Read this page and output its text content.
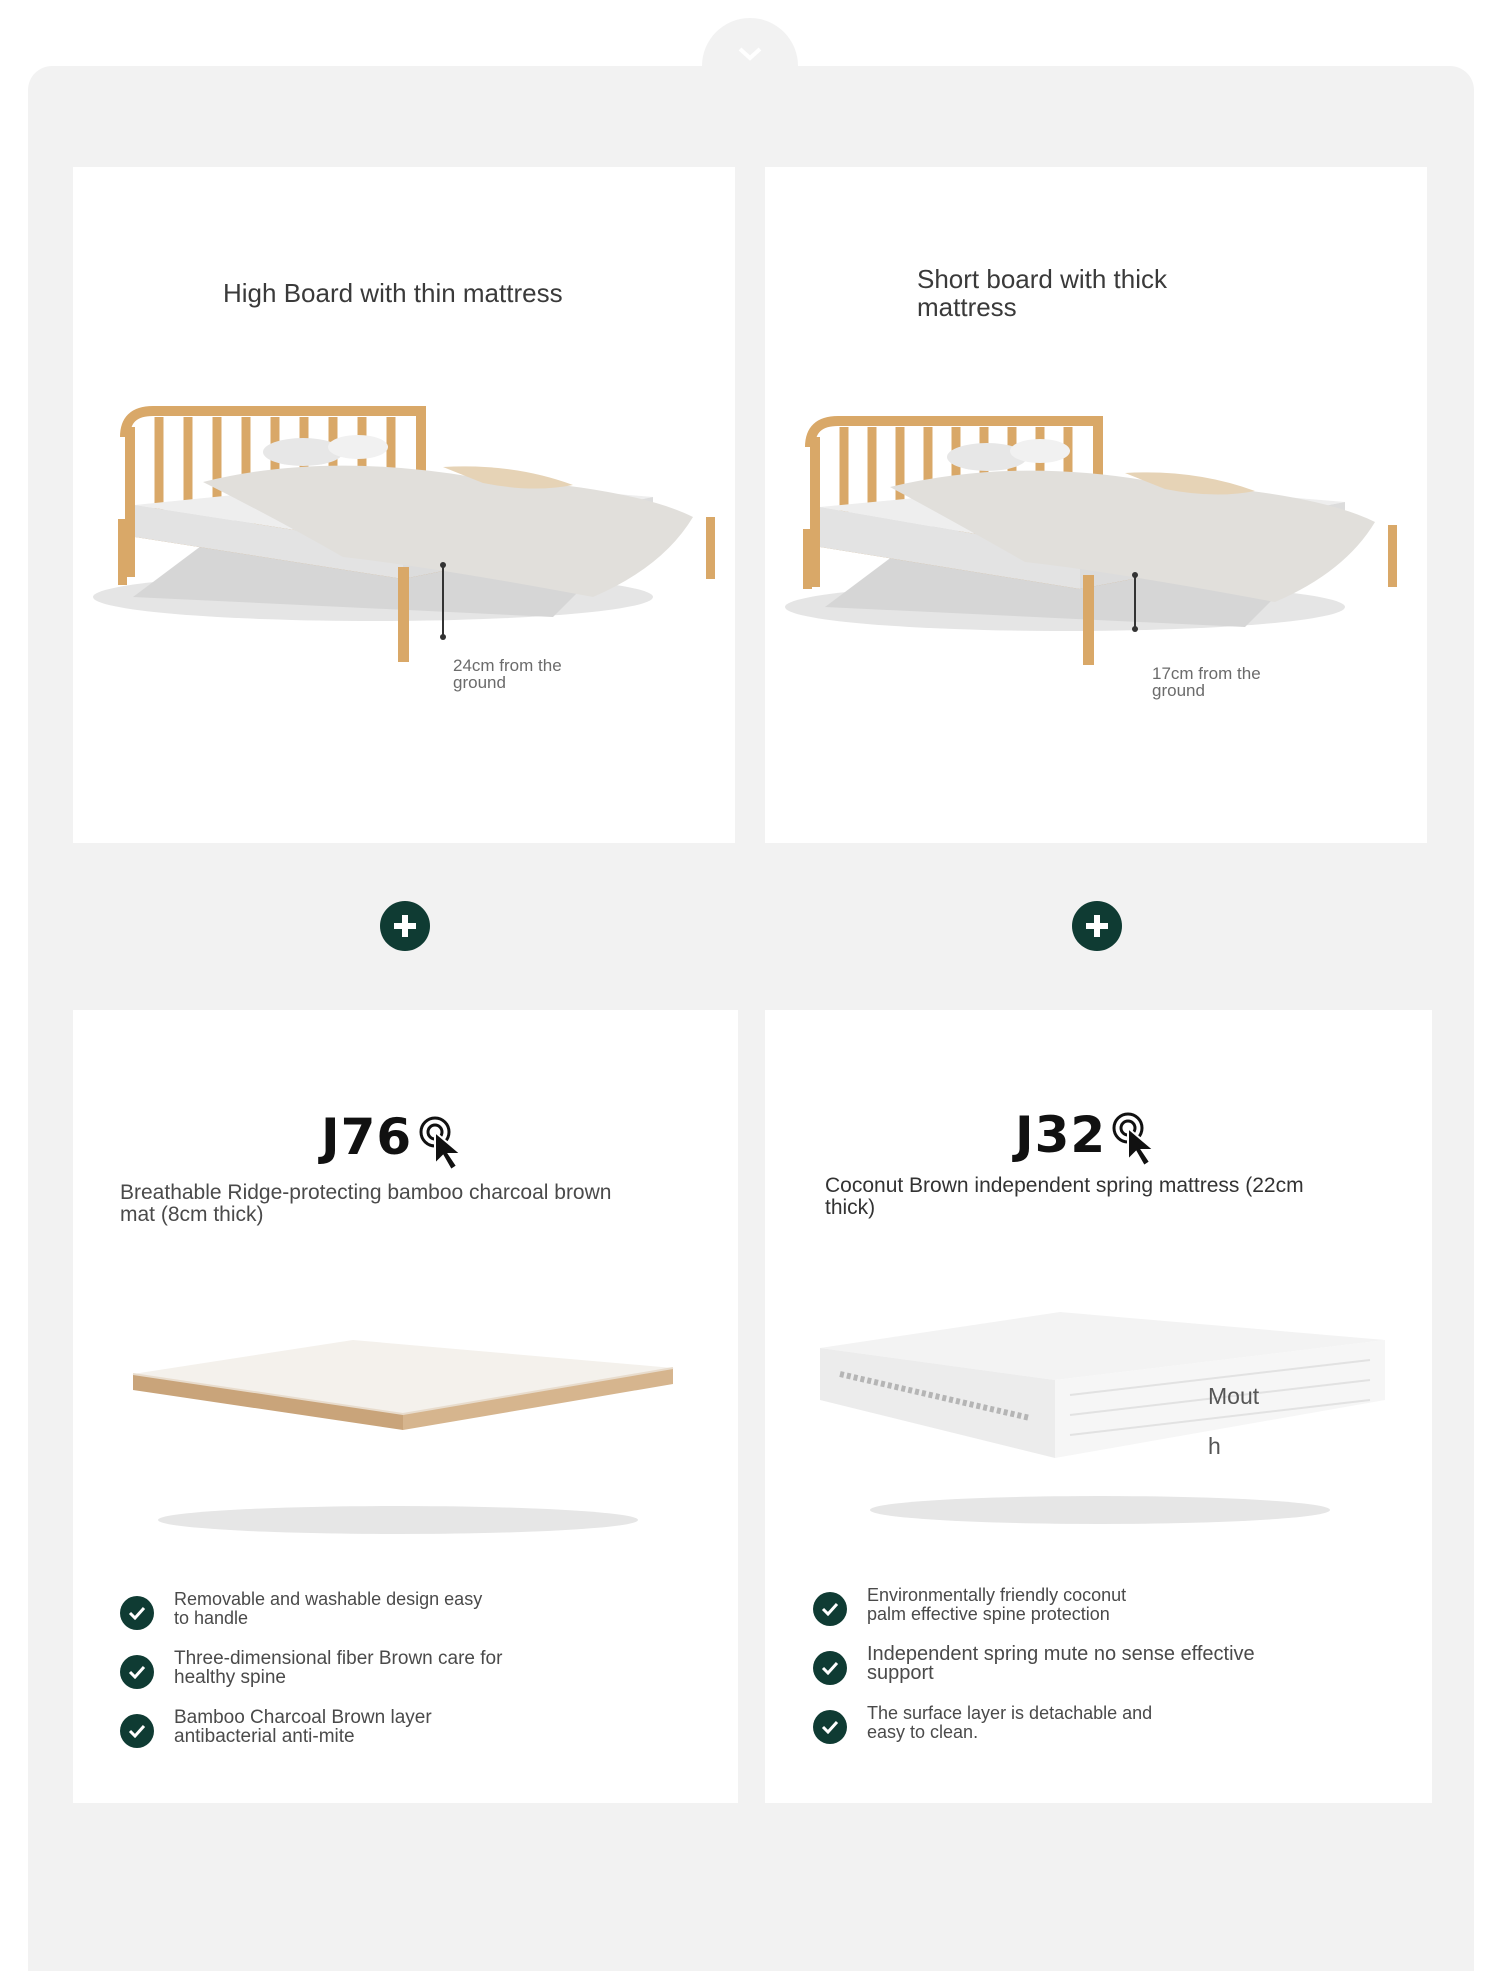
High Board with thin mattress
24cm from the
ground
Short board with thick
mattress
17cm from the
ground
J76
Breathable Ridge-protecting bamboo charcoal brown
mat (8cm thick)
Removable and washable design easy
to handle
Three-dimensional fiber Brown care for
healthy spine
Bamboo Charcoal Brown layer
antibacterial anti-mite
J32
Coconut Brown independent spring mattress (22cm
thick)
Mout
h
Environmentally friendly coconut
palm effective spine protection
Independent spring mute no sense effective
support
The surface layer is detachable and
easy to clean.
